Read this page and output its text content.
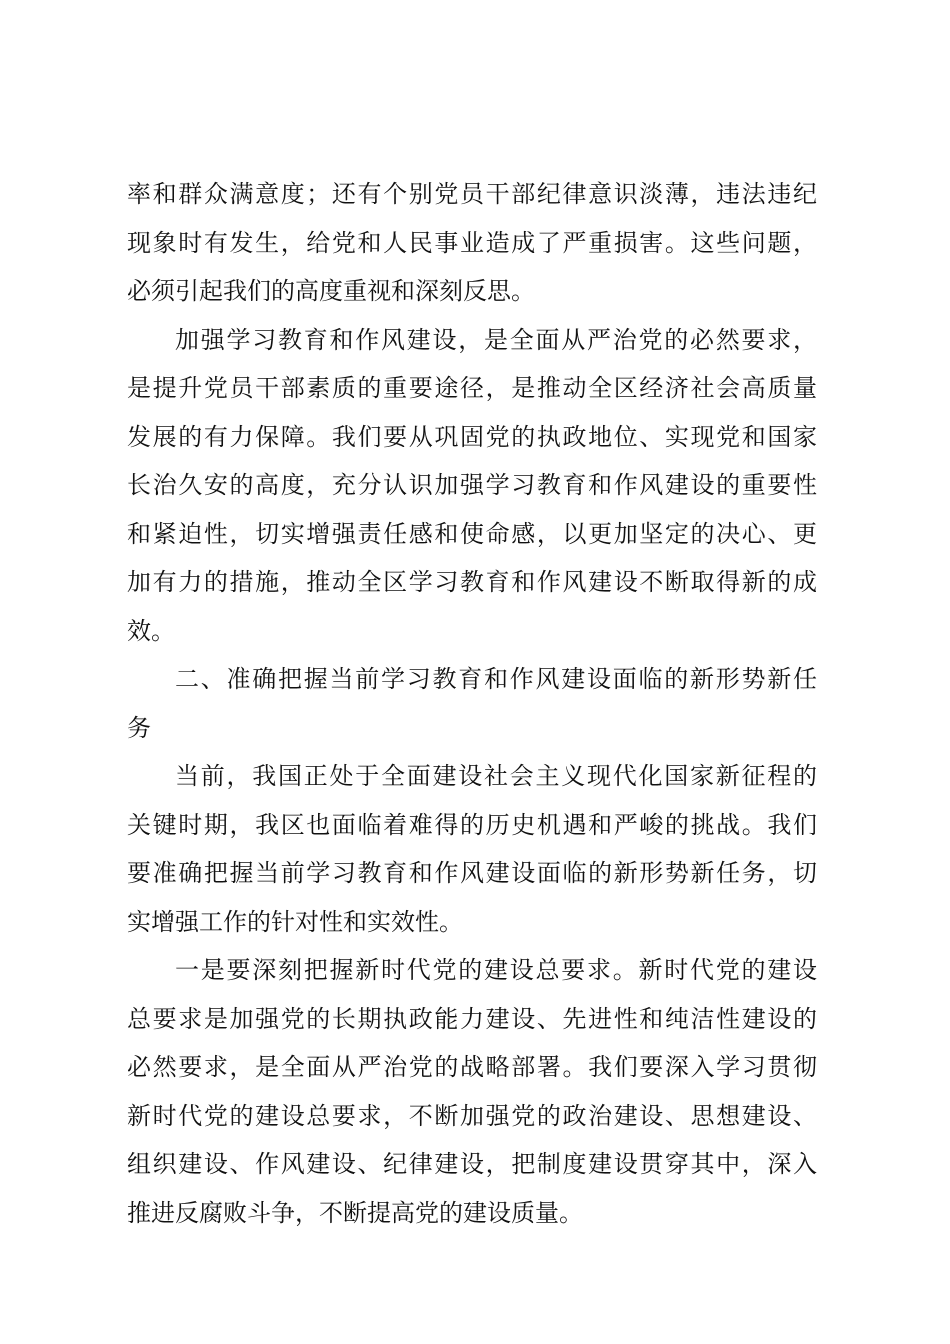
率和群众满意度；还有个别党员干部纪律意识淡薄，违法违纪
现象时有发生，给党和人民事业造成了严重损害。这些问题，
必须引起我们的高度重视和深刻反思。
加强学习教育和作风建设，是全面从严治党的必然要求，
是提升党员干部素质的重要途径，是推动全区经济社会高质量
发展的有力保障。我们要从巩固党的执政地位、实现党和国家
长治久安的高度，充分认识加强学习教育和作风建设的重要性
和紧迫性，切实增强责任感和使命感，以更加坚定的决心、更
加有力的措施，推动全区学习教育和作风建设不断取得新的成
效。
二、准确把握当前学习教育和作风建设面临的新形势新任
务
当前，我国正处于全面建设社会主义现代化国家新征程的
关键时期，我区也面临着难得的历史机遇和严峻的挑战。我们
要准确把握当前学习教育和作风建设面临的新形势新任务，切
实增强工作的针对性和实效性。
一是要深刻把握新时代党的建设总要求。新时代党的建设
总要求是加强党的长期执政能力建设、先进性和纯洁性建设的
必然要求，是全面从严治党的战略部署。我们要深入学习贯彻
新时代党的建设总要求，不断加强党的政治建设、思想建设、
组织建设、作风建设、纪律建设，把制度建设贯穿其中，深入
推进反腐败斗争，不断提高党的建设质量。
